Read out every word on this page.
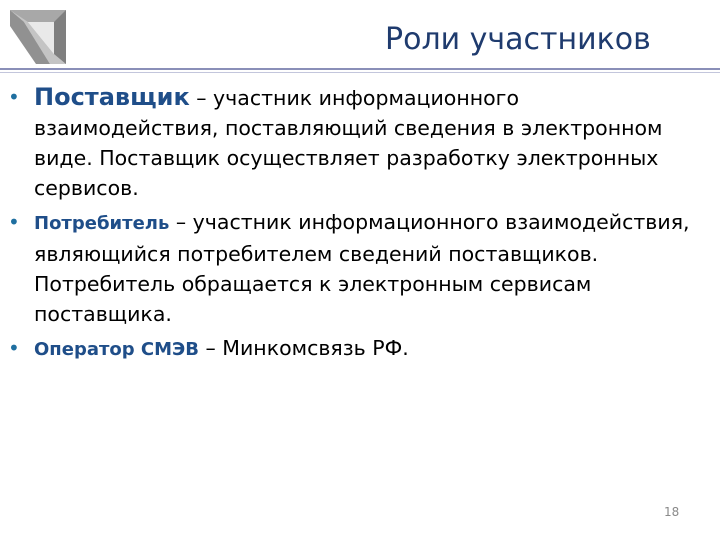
Роли участников
• Поставщик – участник информационного взаимодействия, поставляющий сведения в электронном виде. Поставщик осуществляет разработку электронных сервисов.
• Потребитель – участник информационного взаимодействия, являющийся потребителем сведений поставщиков. Потребитель обращается к электронным сервисам поставщика.
• Оператор СМЭВ – Минкомсвязь РФ.
18
